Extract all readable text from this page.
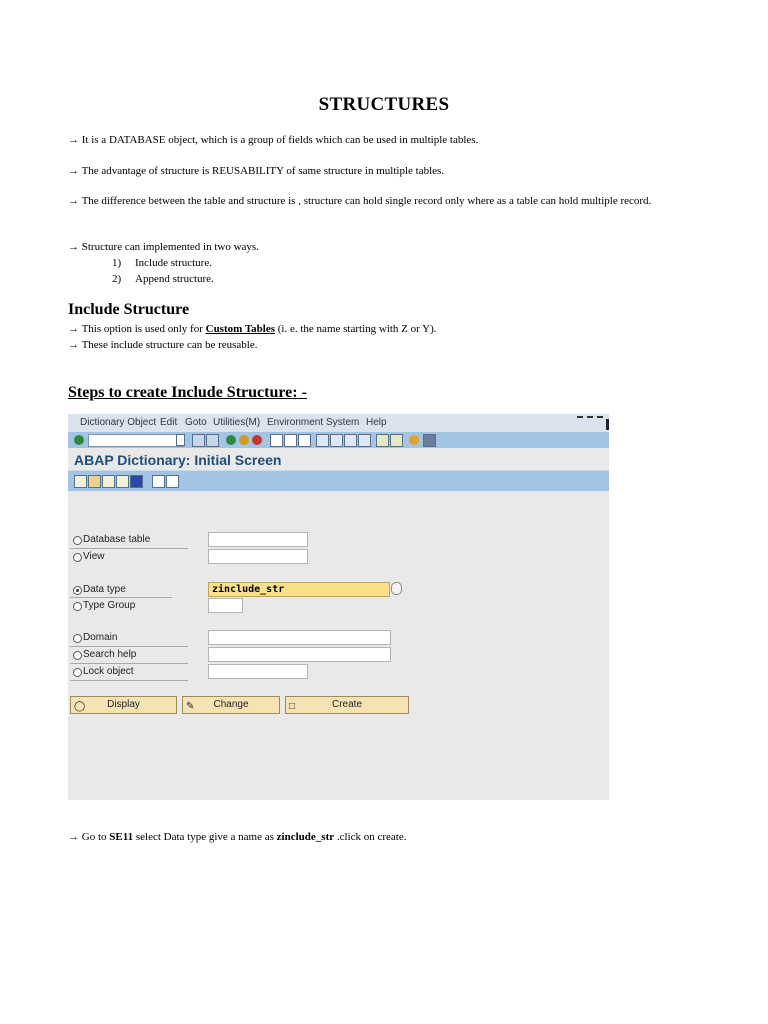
STRUCTURES
→ It is a DATABASE object, which is a group of fields which can be used in multiple tables.
→ The advantage of structure is REUSABILITY of same structure in multiple tables.
→ The difference between the table and structure is , structure can hold single record only where as a table can hold multiple record.
→ Structure can implemented in two ways.
1) Include structure.
2) Append structure.
Include Structure
→ This option is used only for Custom Tables (i. e. the name starting with Z or Y).
→ These include structure can be reusable.
Steps to create Include Structure: -
Dictionary Object Edit Goto Utilities(M) Environment System Help
ABAP Dictionary: Initial Screen
Database table
View
Data type	zinclude_str
Type Group
Domain
Search help
Lock object
◯	Display	✎	Change	□	Create
→ Go to SE11 select Data type give a name as zinclude_str .click on create.
